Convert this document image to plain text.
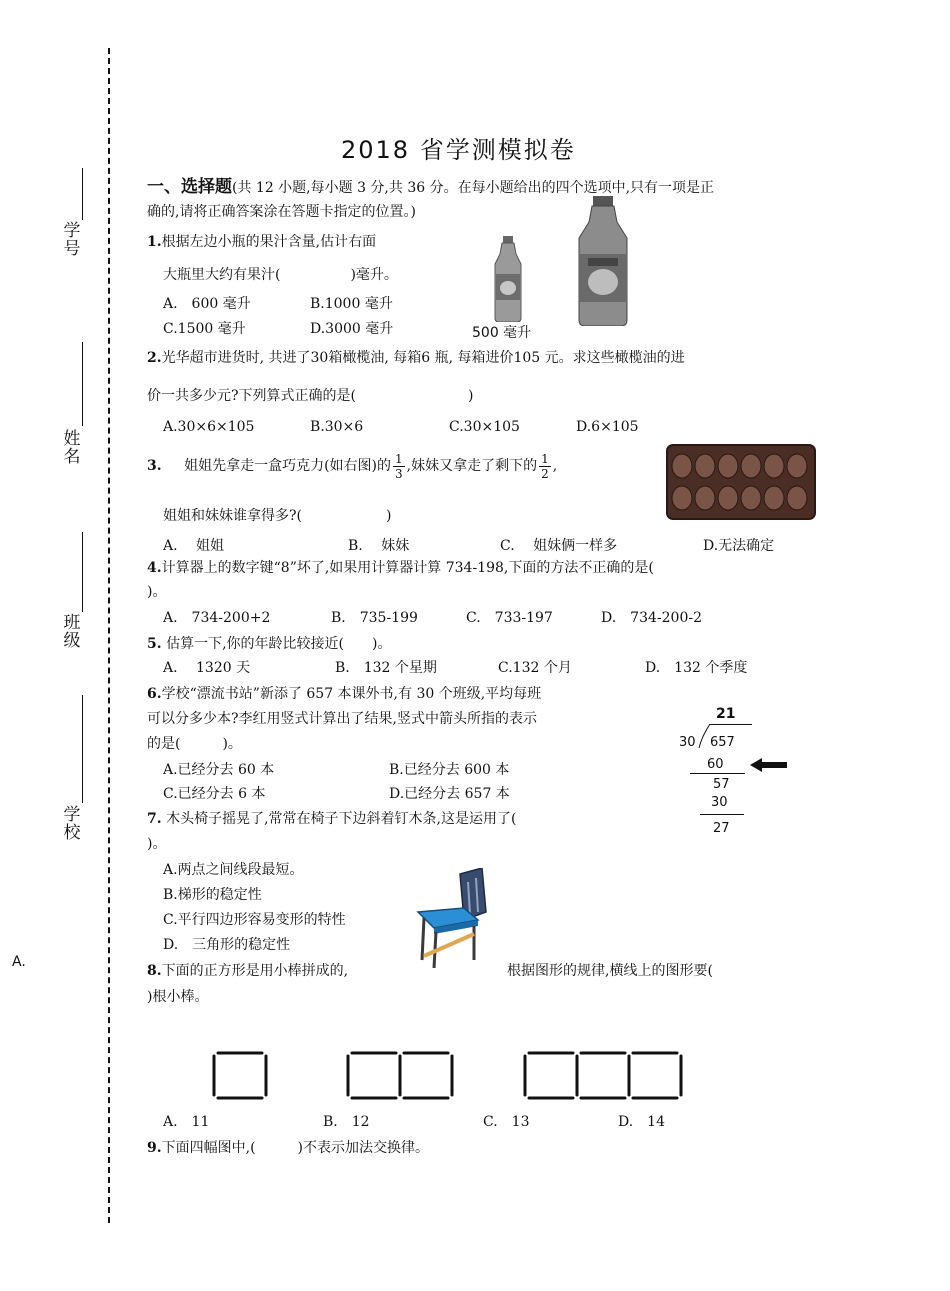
学号
姓名
班级
学校
A.
2018 省学测模拟卷
一、选择题(共 12 小题,每小题 3 分,共 36 分。在每小题给出的四个选项中,只有一项是正
确的,请将正确答案涂在答题卡指定的位置。)
1.根据左边小瓶的果汁含量,估计右面
大瓶里大约有果汁(　　　　　)毫升。
A.　600 毫升	B.1000 毫升
C.1500 毫升	D.3000 毫升	500 毫升
2.光华超市进货时, 共进了30箱橄榄油, 每箱6 瓶, 每箱进价105 元。求这些橄榄油的进
价一共多少元?下列算式正确的是(　　　　　　　　)
A.30×6×105	B.30×6	C.30×105	D.6×105
3. 姐姐先拿走一盒巧克力(如右图)的 $\frac{1}{3}$ ,妹妹又拿走了剩下的 $\frac{1}{2}$ ,
姐姐和妹妹谁拿得多?(　　　　　　)
A.　 姐姐	B.　 妹妹	C.　 姐妹俩一样多	D.无法确定
4.计算器上的数字键“8”坏了,如果用计算器计算 734-198,下面的方法不正确的是(
)。
A.　734-200+2	B.　735-199	C.　733-197	D.　734-200-2
5. 估算一下,你的年龄比较接近(　　)。
A.　 1320 天	B.　132 个星期	C.132 个月	D.　132 个季度
6.学校“漂流书站”新添了 657 本课外书,有 30 个班级,平均每班
可以分多少本?李红用竖式计算出了结果,竖式中箭头所指的表示
的是(　　　)。
A.已经分去 60 本	B.已经分去 600 本
C.已经分去 6 本	D.已经分去 657 本
21
30 657
60
57
30
27
7. 木头椅子摇晃了,常常在椅子下边斜着钉木条,这是运用了(
)。
A.两点之间线段最短。
B.梯形的稳定性
C.平行四边形容易变形的特性
D.　三角形的稳定性
8.下面的正方形是用小棒拼成的,	根据图形的规律,横线上的图形要(
)根小棒。
A.　11	B.　12	C.　13	D.　14
9.下面四幅图中,(　　　)不表示加法交换律。
